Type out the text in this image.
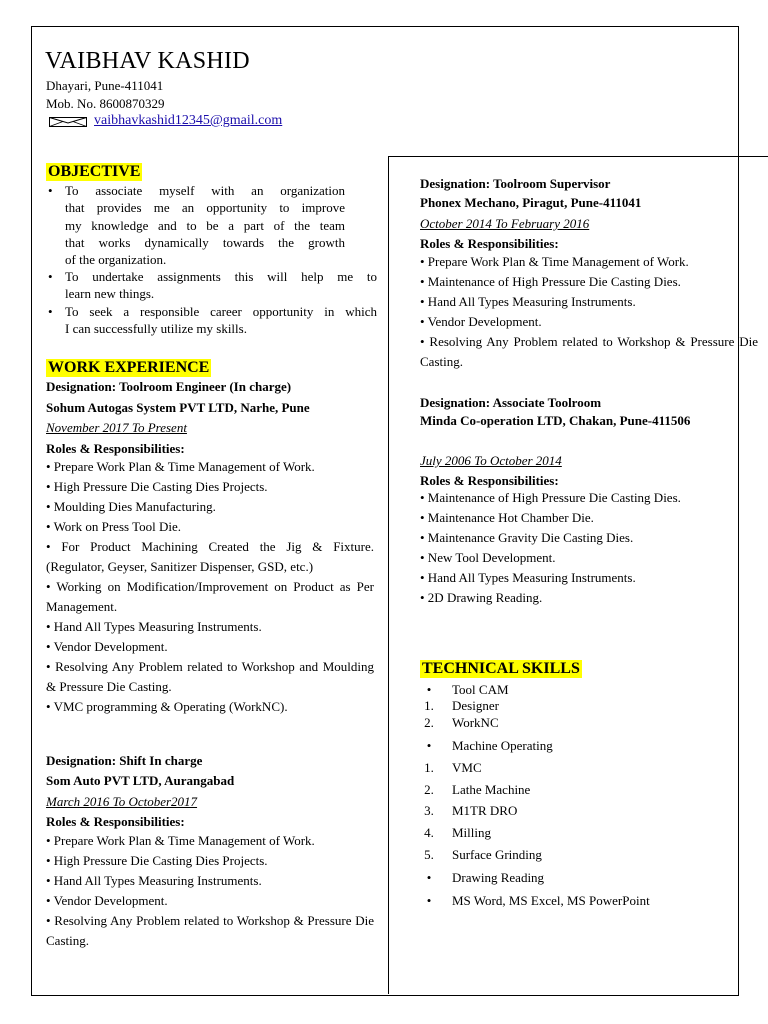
VAIBHAV KASHID
Dhayari, Pune-411041
Mob. No. 8600870329
vaibhavkashid12345@gmail.com
OBJECTIVE
• To associate myself with an organization
that provides me an opportunity to improve
my knowledge and to be a part of the team
that works dynamically towards the growth
of the organization.
• To undertake assignments this will help me to
learn new things.
• To seek a responsible career opportunity in which
I can successfully utilize my skills.
WORK EXPERIENCE
Designation: Toolroom Engineer (In charge)
Sohum Autogas System PVT LTD, Narhe, Pune
November 2017 To Present
Roles & Responsibilities:
• Prepare Work Plan & Time Management of Work.
• High Pressure Die Casting Dies Projects.
• Moulding Dies Manufacturing.
• Work on Press Tool Die.
• For Product Machining Created the Jig & Fixture. (Regulator, Geyser, Sanitizer Dispenser, GSD, etc.)
• Working on Modification/Improvement on Product as Per Management.
• Hand All Types Measuring Instruments.
• Vendor Development.
• Resolving Any Problem related to Workshop and Moulding & Pressure Die Casting.
• VMC programming & Operating (WorkNC).
Designation: Shift In charge
Som Auto PVT LTD, Aurangabad
March 2016 To October2017
Roles & Responsibilities:
• Prepare Work Plan & Time Management of Work.
• High Pressure Die Casting Dies Projects.
• Hand All Types Measuring Instruments.
• Vendor Development.
• Resolving Any Problem related to Workshop & Pressure Die Casting.
Designation: Toolroom Supervisor
Phonex Mechano, Piragut, Pune-411041
October 2014 To February 2016
Roles & Responsibilities:
• Prepare Work Plan & Time Management of Work.
• Maintenance of High Pressure Die Casting Dies.
• Hand All Types Measuring Instruments.
• Vendor Development.
• Resolving Any Problem related to Workshop & Pressure Die Casting.
Designation: Associate Toolroom
Minda Co-operation LTD, Chakan, Pune-411506
July 2006 To October 2014
Roles & Responsibilities:
• Maintenance of High Pressure Die Casting Dies.
• Maintenance Hot Chamber Die.
• Maintenance Gravity Die Casting Dies.
• New Tool Development.
• Hand All Types Measuring Instruments.
• 2D Drawing Reading.
TECHNICAL SKILLS
•	Tool CAM
1. Designer
2. WorkNC
•	Machine Operating
1. VMC
2. Lathe Machine
3. M1TR DRO
4. Milling
5. Surface Grinding
•	Drawing Reading
•	MS Word, MS Excel, MS PowerPoint
